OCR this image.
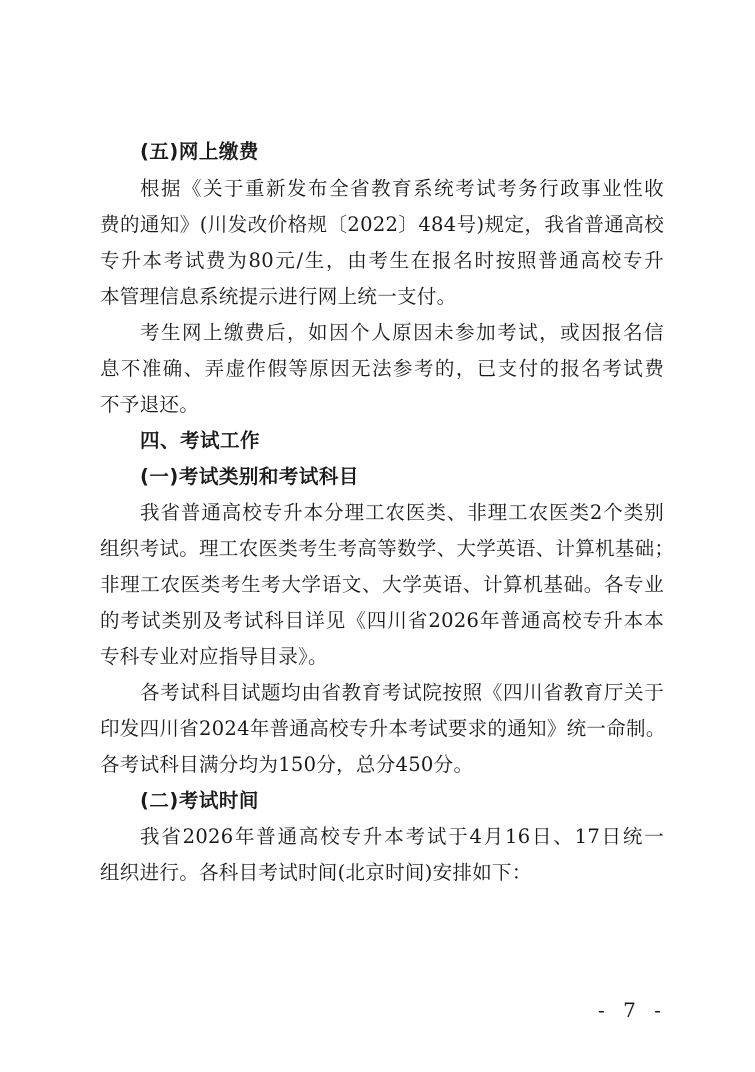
(五)网上缴费
根据《关于重新发布全省教育系统考试考务行政事业性收
费的通知》(川发改价格规〔2022〕484号)规定，我省普通高校
专升本考试费为80元/生，由考生在报名时按照普通高校专升
本管理信息系统提示进行网上统一支付。
考生网上缴费后，如因个人原因未参加考试，或因报名信
息不准确、弄虚作假等原因无法参考的，已支付的报名考试费
不予退还。
四、考试工作
(一)考试类别和考试科目
我省普通高校专升本分理工农医类、非理工农医类2个类别
组织考试。理工农医类考生考高等数学、大学英语、计算机基础；
非理工农医类考生考大学语文、大学英语、计算机基础。各专业
的考试类别及考试科目详见《四川省2026年普通高校专升本本
专科专业对应指导目录》。
各考试科目试题均由省教育考试院按照《四川省教育厅关于
印发四川省2024年普通高校专升本考试要求的通知》统一命制。
各考试科目满分均为150分，总分450分。
(二)考试时间
我省2026年普通高校专升本考试于4月16日、17日统一
组织进行。各科目考试时间(北京时间)安排如下：
- 7 -
